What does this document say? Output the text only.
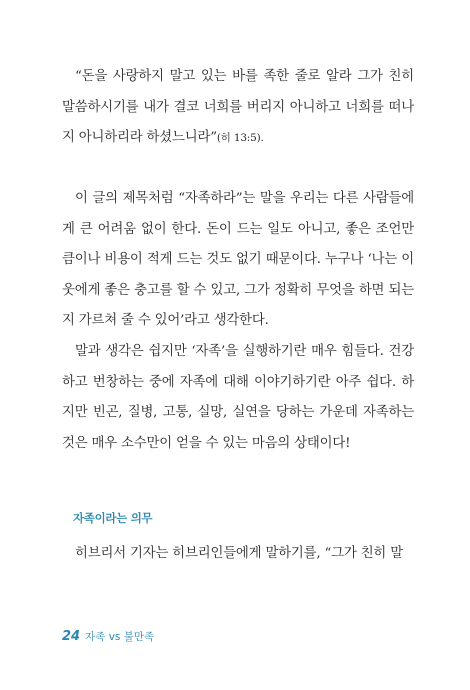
“돈을 사랑하지 말고 있는 바를 족한 줄로 알라 그가 친히 말씀하시기를 내가 결코 너희를 버리지 아니하고 너희를 떠나지 아니하리라 하셨느니라”(히 13:5).

이 글의 제목처럼 “자족하라”는 말을 우리는 다른 사람들에게 큰 어려움 없이 한다. 돈이 드는 일도 아니고, 좋은 조언만큼이나 비용이 적게 드는 것도 없기 때문이다. 누구나 ‘나는 이웃에게 좋은 충고를 할 수 있고, 그가 정확히 무엇을 하면 되는지 가르쳐 줄 수 있어’라고 생각한다.

말과 생각은 쉽지만 ‘자족’을 실행하기란 매우 힘들다. 건강하고 번창하는 중에 자족에 대해 이야기하기란 아주 쉽다. 하지만 빈곤, 질병, 고통, 실망, 실연을 당하는 가운데 자족하는 것은 매우 소수만이 얻을 수 있는 마음의 상태이다!

자족이라는 의무

히브리서 기자는 히브리인들에게 말하기를, “그가 친히 말

24 자족 vs 불만족
